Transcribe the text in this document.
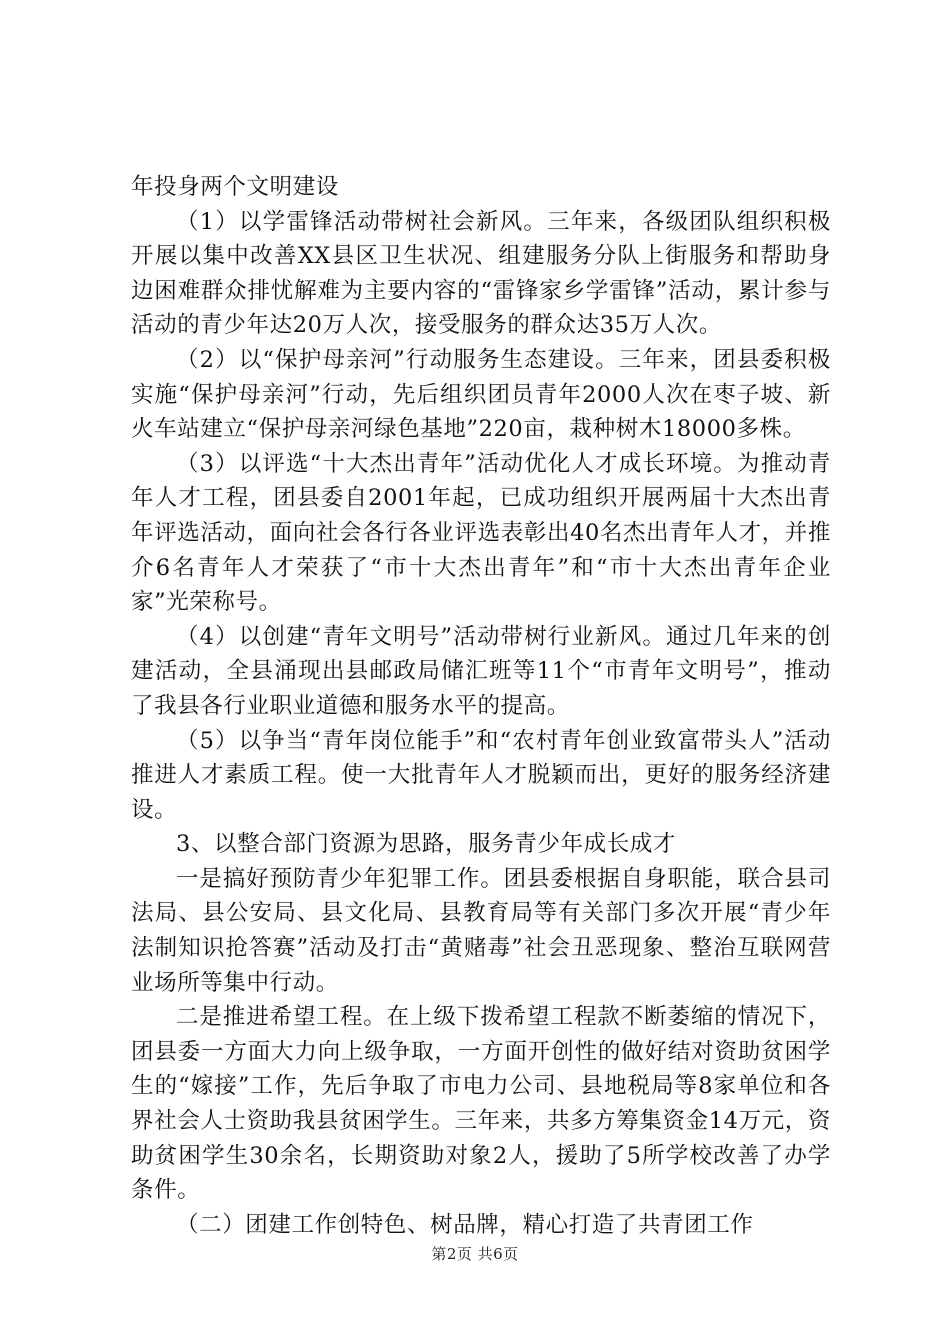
年投身两个文明建设

（1）以学雷锋活动带树社会新风。三年来，各级团队组织积极开展以集中改善XX县区卫生状况、组建服务分队上街服务和帮助身边困难群众排忧解难为主要内容的“雷锋家乡学雷锋”活动，累计参与活动的青少年达20万人次，接受服务的群众达35万人次。

（2）以“保护母亲河”行动服务生态建设。三年来，团县委积极实施“保护母亲河”行动，先后组织团员青年2000人次在枣子坡、新火车站建立“保护母亲河绿色基地”220亩，栽种树木18000多株。

（3）以评选“十大杰出青年”活动优化人才成长环境。为推动青年人才工程，团县委自2001年起，已成功组织开展两届十大杰出青年评选活动，面向社会各行各业评选表彰出40名杰出青年人才，并推介6名青年人才荣获了“市十大杰出青年”和“市十大杰出青年企业家”光荣称号。

（4）以创建“青年文明号”活动带树行业新风。通过几年来的创建活动，全县涌现出县邮政局储汇班等11个“市青年文明号”，推动了我县各行业职业道德和服务水平的提高。

（5）以争当“青年岗位能手”和“农村青年创业致富带头人”活动推进人才素质工程。使一大批青年人才脱颖而出，更好的服务经济建设。

3、以整合部门资源为思路，服务青少年成长成才

一是搞好预防青少年犯罪工作。团县委根据自身职能，联合县司法局、县公安局、县文化局、县教育局等有关部门多次开展“青少年法制知识抢答赛”活动及打击“黄赌毒”社会丑恶现象、整治互联网营业场所等集中行动。

二是推进希望工程。在上级下拨希望工程款不断萎缩的情况下，团县委一方面大力向上级争取，一方面开创性的做好结对资助贫困学生的“嫁接”工作，先后争取了市电力公司、县地税局等8家单位和各界社会人士资助我县贫困学生。三年来，共多方筹集资金14万元，资助贫困学生30余名，长期资助对象2人，援助了5所学校改善了办学条件。

（二）团建工作创特色、树品牌，精心打造了共青团工作

第2页 共6页
